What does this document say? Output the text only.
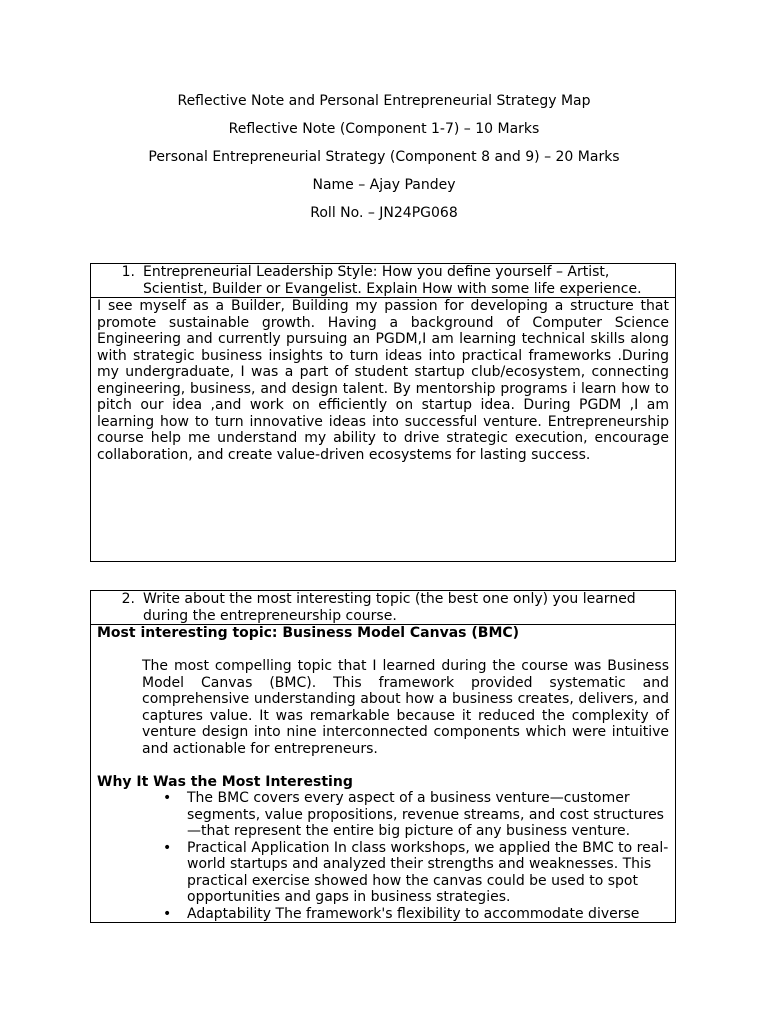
Reflective Note and Personal Entrepreneurial Strategy Map
Reflective Note (Component 1-7) – 10 Marks
Personal Entrepreneurial Strategy (Component 8 and 9) – 20 Marks
Name – Ajay Pandey
Roll No. – JN24PG068
1. Entrepreneurial Leadership Style: How you define yourself – Artist, Scientist, Builder or Evangelist. Explain How with some life experience.
I see myself as a Builder, Building my passion for developing a structure that promote sustainable growth. Having a background of Computer Science Engineering and currently pursuing an PGDM,I am learning technical skills along with strategic business insights to turn ideas into practical frameworks .During my undergraduate, I was a part of student startup club/ecosystem, connecting engineering, business, and design talent. By mentorship programs i learn how to pitch our idea ,and work on efficiently on startup idea. During PGDM ,I am learning how to turn innovative ideas into successful venture. Entrepreneurship course help me understand my ability to drive strategic execution, encourage collaboration, and create value-driven ecosystems for lasting success.
2. Write about the most interesting topic (the best one only) you learned during the entrepreneurship course.
Most interesting topic: Business Model Canvas (BMC)
The most compelling topic that I learned during the course was Business Model Canvas (BMC). This framework provided systematic and comprehensive understanding about how a business creates, delivers, and captures value. It was remarkable because it reduced the complexity of venture design into nine interconnected components which were intuitive and actionable for entrepreneurs.
Why It Was the Most Interesting
• The BMC covers every aspect of a business venture—customer segments, value propositions, revenue streams, and cost structures—that represent the entire big picture of any business venture.
• Practical Application In class workshops, we applied the BMC to real-world startups and analyzed their strengths and weaknesses. This practical exercise showed how the canvas could be used to spot opportunities and gaps in business strategies.
• Adaptability The framework's flexibility to accommodate diverse
